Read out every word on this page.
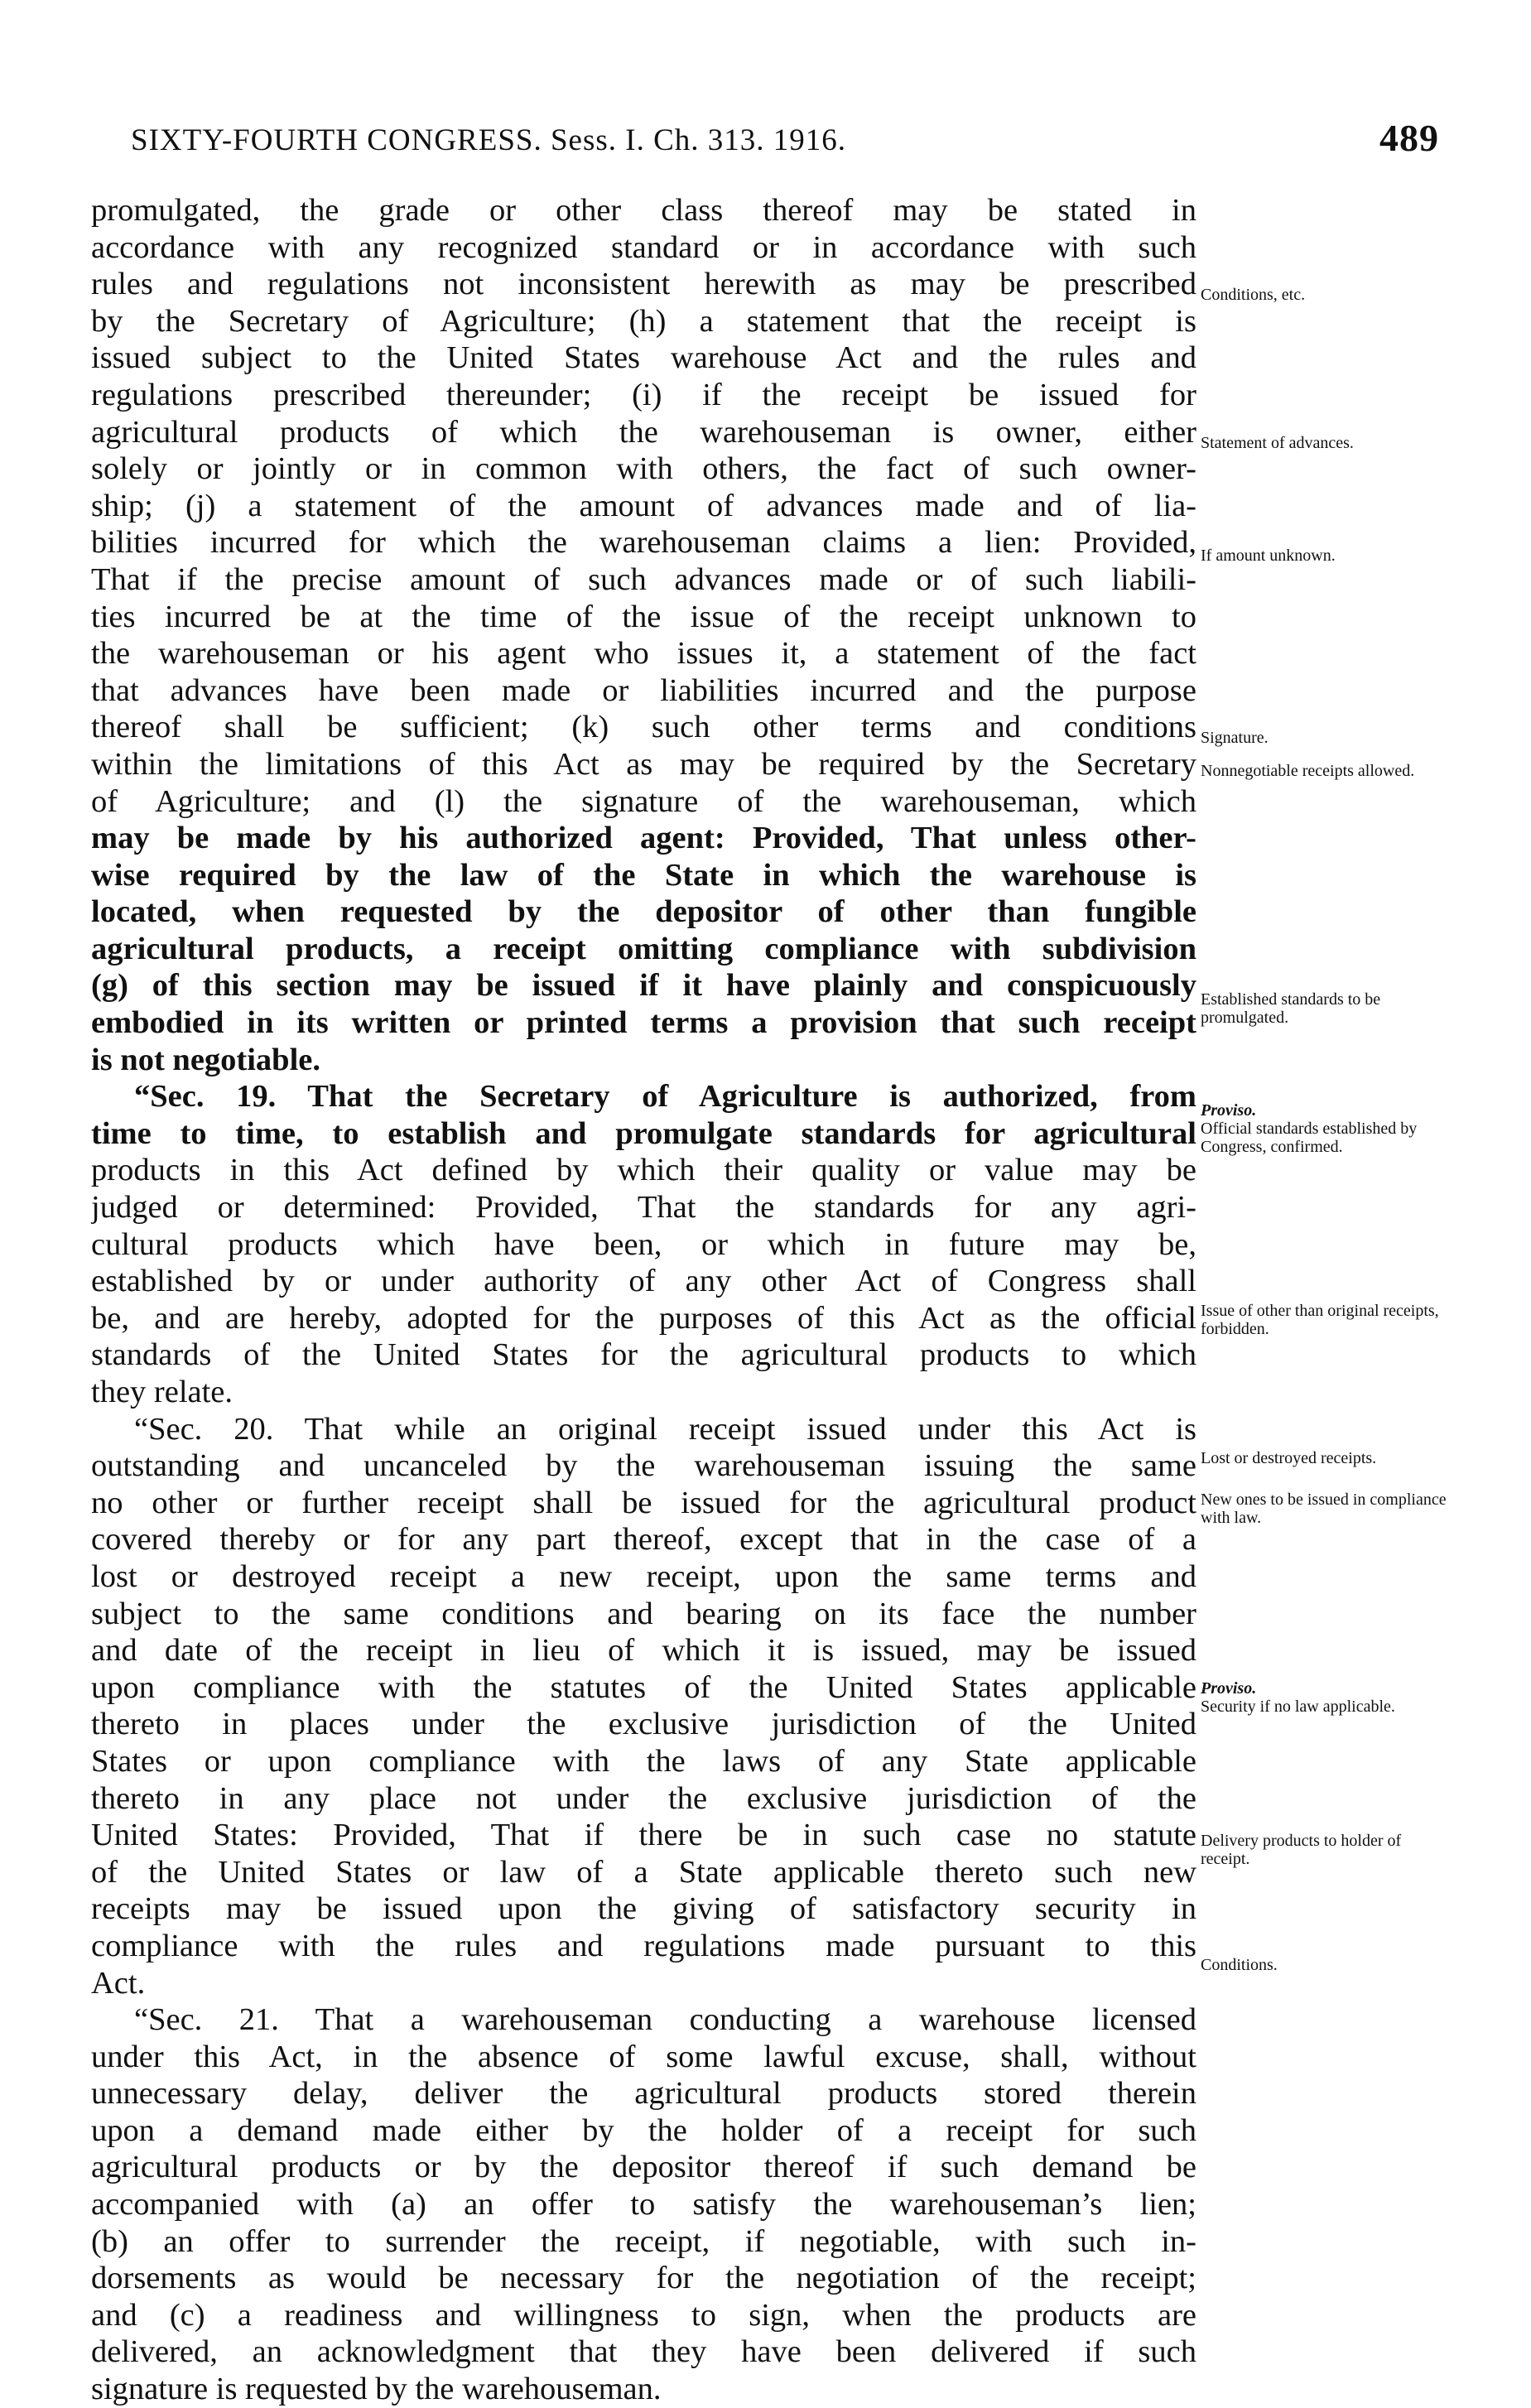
SIXTY-FOURTH CONGRESS. Sess. I. Ch. 313. 1916.	489
promulgated, the grade or other class thereof may be stated in
accordance with any recognized standard or in accordance with such
rules and regulations not inconsistent herewith as may be prescribed
by the Secretary of Agriculture; (h) a statement that the receipt is
issued subject to the United States warehouse Act and the rules and
regulations prescribed thereunder; (i) if the receipt be issued for
agricultural products of which the warehouseman is owner, either
solely or jointly or in common with others, the fact of such owner-
ship; (j) a statement of the amount of advances made and of lia-
bilities incurred for which the warehouseman claims a lien: Provided,
That if the precise amount of such advances made or of such liabili-
ties incurred be at the time of the issue of the receipt unknown to
the warehouseman or his agent who issues it, a statement of the fact
that advances have been made or liabilities incurred and the purpose
thereof shall be sufficient; (k) such other terms and conditions
within the limitations of this Act as may be required by the Secretary
of Agriculture; and (l) the signature of the warehouseman, which
may be made by his authorized agent: Provided, That unless other-
wise required by the law of the State in which the warehouse is
located, when requested by the depositor of other than fungible
agricultural products, a receipt omitting compliance with subdivision
(g) of this section may be issued if it have plainly and conspicuously
embodied in its written or printed terms a provision that such receipt
is not negotiable.
“Sec. 19. That the Secretary of Agriculture is authorized, from
time to time, to establish and promulgate standards for agricultural
products in this Act defined by which their quality or value may be
judged or determined: Provided, That the standards for any agri-
cultural products which have been, or which in future may be,
established by or under authority of any other Act of Congress shall
be, and are hereby, adopted for the purposes of this Act as the official
standards of the United States for the agricultural products to which
they relate.
“Sec. 20. That while an original receipt issued under this Act is
outstanding and uncanceled by the warehouseman issuing the same
no other or further receipt shall be issued for the agricultural product
covered thereby or for any part thereof, except that in the case of a
lost or destroyed receipt a new receipt, upon the same terms and
subject to the same conditions and bearing on its face the number
and date of the receipt in lieu of which it is issued, may be issued
upon compliance with the statutes of the United States applicable
thereto in places under the exclusive jurisdiction of the United
States or upon compliance with the laws of any State applicable
thereto in any place not under the exclusive jurisdiction of the
United States: Provided, That if there be in such case no statute
of the United States or law of a State applicable thereto such new
receipts may be issued upon the giving of satisfactory security in
compliance with the rules and regulations made pursuant to this
Act.
“Sec. 21. That a warehouseman conducting a warehouse licensed
under this Act, in the absence of some lawful excuse, shall, without
unnecessary delay, deliver the agricultural products stored therein
upon a demand made either by the holder of a receipt for such
agricultural products or by the depositor thereof if such demand be
accompanied with (a) an offer to satisfy the warehouseman’s lien;
(b) an offer to surrender the receipt, if negotiable, with such in-
dorsements as would be necessary for the negotiation of the receipt;
and (c) a readiness and willingness to sign, when the products are
delivered, an acknowledgment that they have been delivered if such
signature is requested by the warehouseman.
Conditions, etc.
Statement of advances.
If amount unknown.
Signature.
Nonnegotiable receipts allowed.
Established standards to be promulgated.
Proviso.
Official standards established by Congress, confirmed.
Issue of other than original receipts, forbidden.
Lost or destroyed receipts.
New ones to be issued in compliance with law.
Proviso.
Security if no law applicable.
Delivery products to holder of receipt.
Conditions.
